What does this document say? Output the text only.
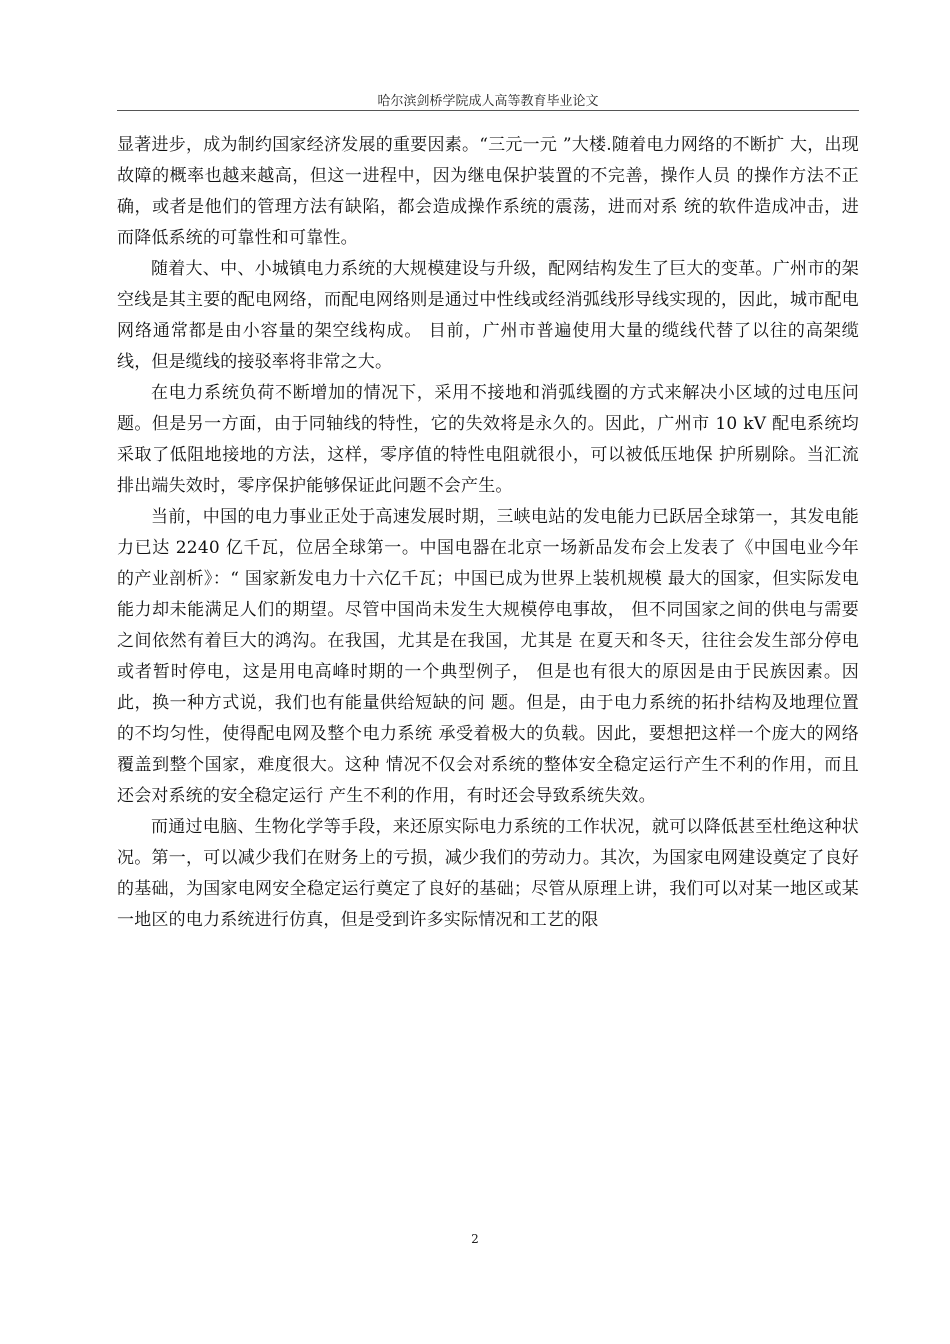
哈尔滨剑桥学院成人高等教育毕业论文

显著进步，成为制约国家经济发展的重要因素。“三元一元 ”大楼.随着电力网络的不断扩 大，出现故障的概率也越来越高，但这一进程中，因为继电保护装置的不完善，操作人员 的操作方法不正确，或者是他们的管理方法有缺陷，都会造成操作系统的震荡，进而对系 统的软件造成冲击，进而降低系统的可靠性和可靠性。

随着大、中、小城镇电力系统的大规模建设与升级，配网结构发生了巨大的变革。广州市的架空线是其主要的配电网络，而配电网络则是通过中性线或经消弧线形导线实现的，因此，城市配电网络通常都是由小容量的架空线构成。 目前，广州市普遍使用大量的缆线代替了以往的高架缆线，但是缆线的接驳率将非常之大。

在电力系统负荷不断增加的情况下，采用不接地和消弧线圈的方式来解决小区域的过电压问题。但是另一方面，由于同轴线的特性，它的失效将是永久的。因此，广州市 10 kV 配电系统均采取了低阻地接地的方法，这样，零序值的特性电阻就很小，可以被低压地保 护所剔除。当汇流排出端失效时，零序保护能够保证此问题不会产生。

当前，中国的电力事业正处于高速发展时期，三峡电站的发电能力已跃居全球第一，其发电能力已达 2240 亿千瓦，位居全球第一。中国电器在北京一场新品发布会上发表了《中国电业今年的产业剖析》：“ 国家新发电力十六亿千瓦；中国已成为世界上装机规模 最大的国家，但实际发电能力却未能满足人们的期望。尽管中国尚未发生大规模停电事故， 但不同国家之间的供电与需要之间依然有着巨大的鸿沟。在我国，尤其是在我国，尤其是 在夏天和冬天，往往会发生部分停电或者暂时停电，这是用电高峰时期的一个典型例子， 但是也有很大的原因是由于民族因素。因此，换一种方式说，我们也有能量供给短缺的问 题。但是，由于电力系统的拓扑结构及地理位置的不均匀性，使得配电网及整个电力系统 承受着极大的负载。因此，要想把这样一个庞大的网络覆盖到整个国家，难度很大。这种 情况不仅会对系统的整体安全稳定运行产生不利的作用，而且还会对系统的安全稳定运行 产生不利的作用，有时还会导致系统失效。

而通过电脑、生物化学等手段，来还原实际电力系统的工作状况，就可以降低甚至杜绝这种状况。第一，可以减少我们在财务上的亏损，减少我们的劳动力。其次，为国家电网建设奠定了良好的基础，为国家电网安全稳定运行奠定了良好的基础；尽管从原理上讲，我们可以对某一地区或某一地区的电力系统进行仿真，但是受到许多实际情况和工艺的限

2
